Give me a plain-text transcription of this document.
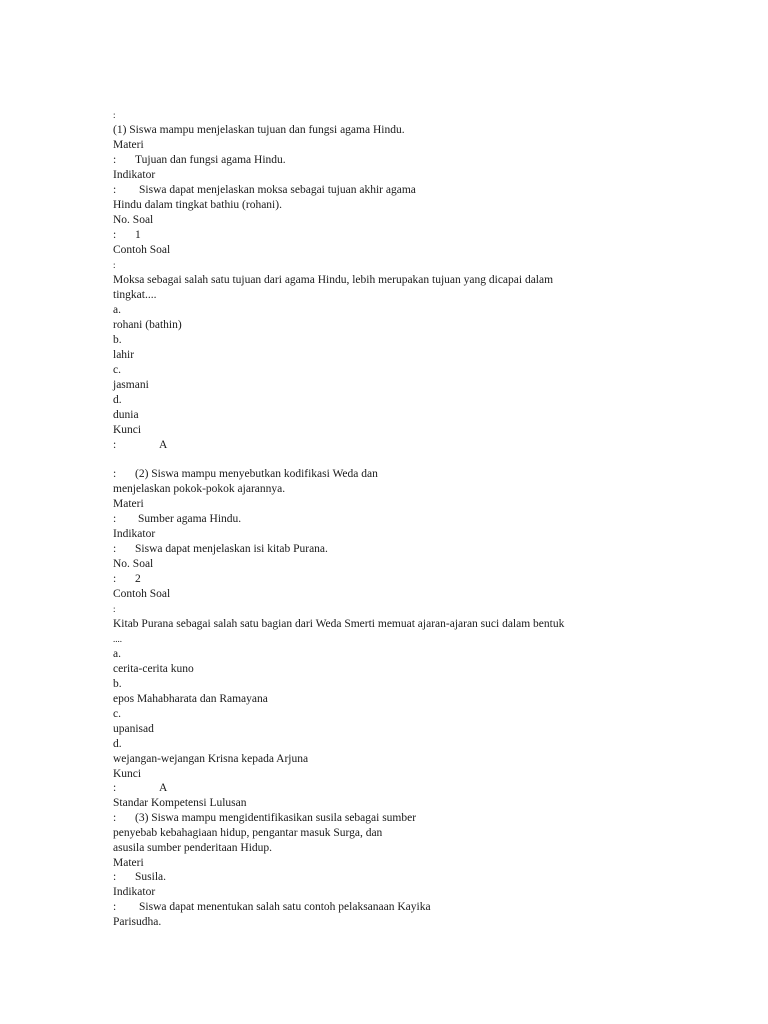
:
(1) Siswa mampu menjelaskan tujuan dan fungsi agama Hindu.
Materi
: Tujuan dan fungsi agama Hindu.
Indikator
: Siswa dapat menjelaskan moksa sebagai tujuan akhir agama
Hindu dalam tingkat bathiu (rohani).
No. Soal
: 1
Contoh Soal
:
Moksa sebagai salah satu tujuan dari agama Hindu, lebih merupakan tujuan yang dicapai dalam
tingkat....
a.
rohani (bathin)
b.
lahir
c.
jasmani
d.
dunia
Kunci
:	A
: (2) Siswa mampu menyebutkan kodifikasi Weda dan
menjelaskan pokok-pokok ajarannya.
Materi
: Sumber agama Hindu.
Indikator
: Siswa dapat menjelaskan isi kitab Purana.
No. Soal
: 2
Contoh Soal
:
Kitab Purana sebagai salah satu bagian dari Weda Smerti memuat ajaran-ajaran suci dalam bentuk
....
a.
cerita-cerita kuno
b.
epos Mahabharata dan Ramayana
c.
upanisad
d.
wejangan-wejangan Krisna kepada Arjuna
Kunci
:	A
Standar Kompetensi Lulusan
: (3) Siswa mampu mengidentifikasikan susila sebagai sumber
penyebab kebahagiaan hidup, pengantar masuk Surga, dan
asusila sumber penderitaan Hidup.
Materi
: Susila.
Indikator
: Siswa dapat menentukan salah satu contoh pelaksanaan Kayika
Parisudha.
